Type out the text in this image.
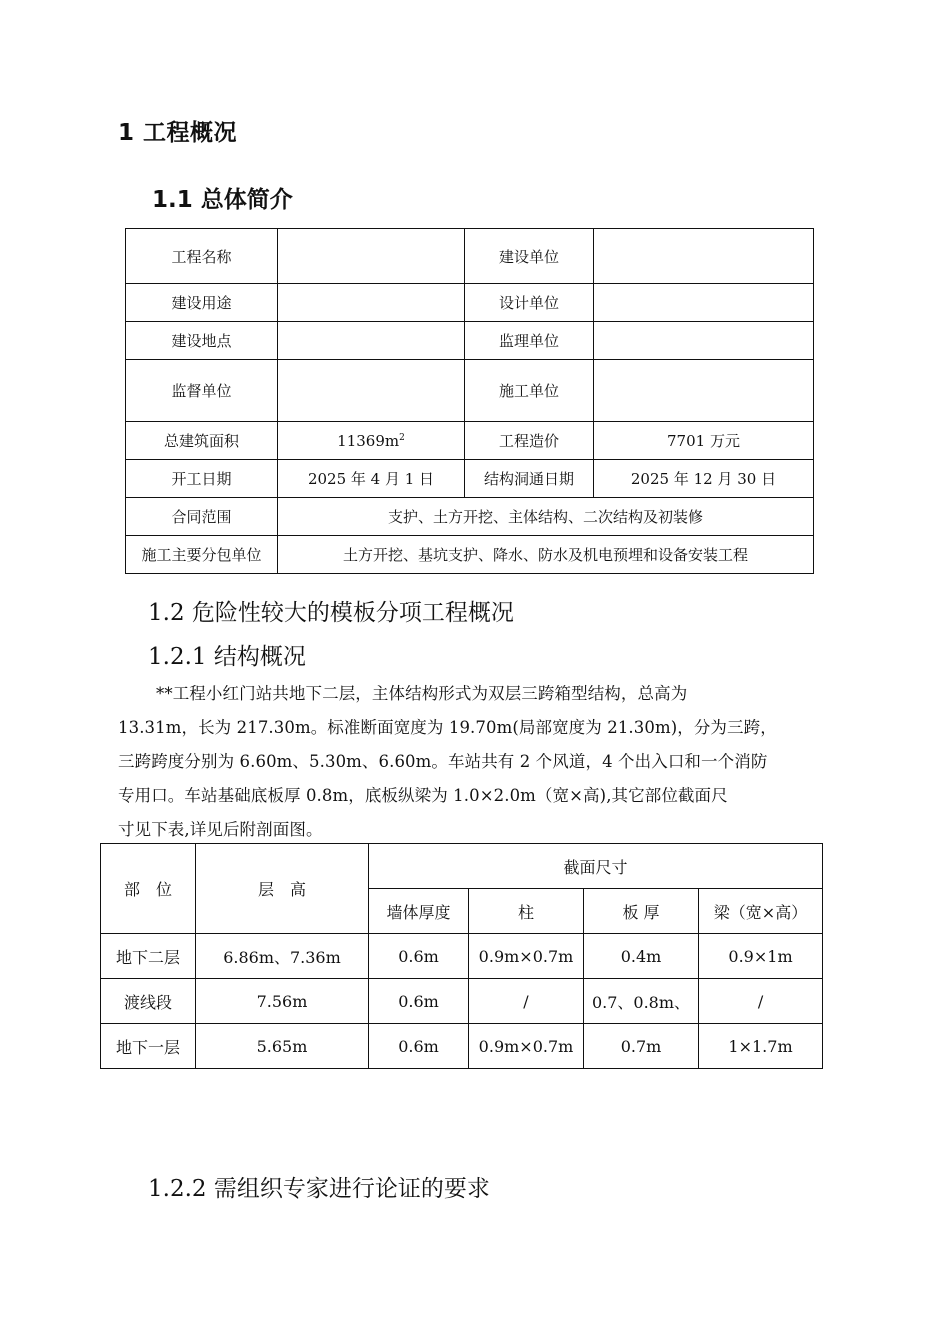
1 工程概况
1.1 总体简介
工程名称		建设单位	
建设用途		设计单位	
建设地点		监理单位	
监督单位		施工单位	
总建筑面积	$11369m^2$	工程造价	7701 万元
开工日期	2025 年 4 月 1 日	结构洞通日期	2025 年 12 月 30 日
合同范围	支护、土方开挖、主体结构、二次结构及初装修		
施工主要分包单位	土方开挖、基坑支护、降水、防水及机电预埋和设备安装工程		
1.2 危险性较大的模板分项工程概况
1.2.1 结构概况

**工程小红门站共地下二层，主体结构形式为双层三跨箱型结构，总高为

13.31m，长为 217.30m。标准断面宽度为 19.70m(局部宽度为 21.30m)，分为三跨，

三跨跨度分别为 6.60m、5.30m、6.60m。车站共有 2 个风道，4 个出入口和一个消防

专用口。车站基础底板厚 0.8m，底板纵梁为 1.0×2.0m（宽×高),其它部位截面尺

寸见下表,详见后附剖面图。

部　位	层　高	截面尺寸			
		墙体厚度	柱	板 厚	梁（宽×高）
地下二层	6.86m、7.36m	0.6m	0.9m×0.7m	0.4m	0.9×1m
渡线段	7.56m	0.6m	/	0.7、0.8m、	/
地下一层	5.65m	0.6m	0.9m×0.7m	0.7m	1×1.7m
1.2.2 需组织专家进行论证的要求
